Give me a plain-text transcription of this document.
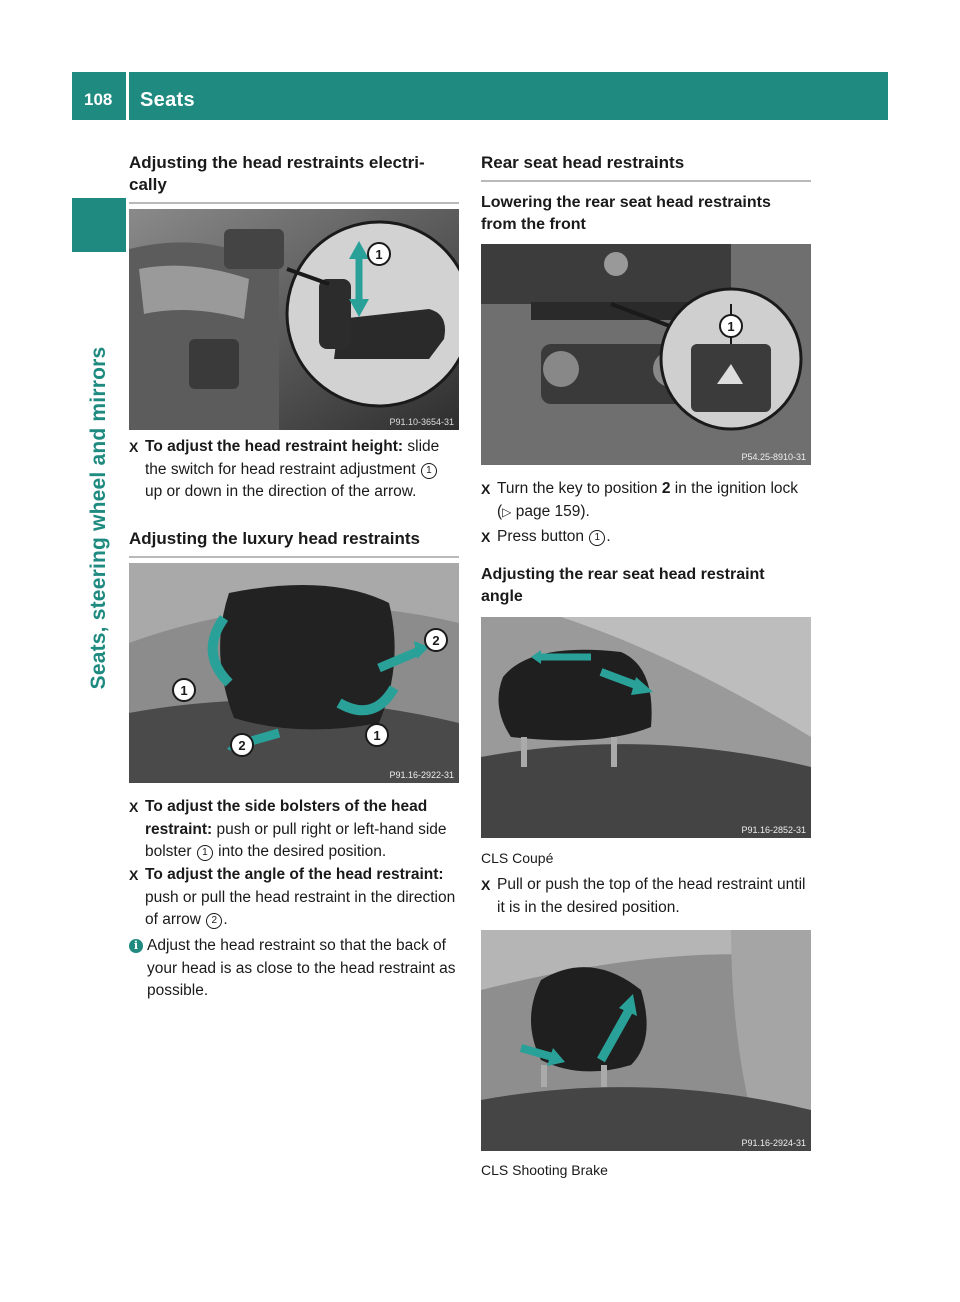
108 Seats
Seats, steering wheel and mirrors
Adjusting the head restraints electri-
cally
1
P91.10-3654-31
X To adjust the head restraint height: slide the switch for head restraint adjustment 1 up or down in the direction of the arrow.
Adjusting the luxury head restraints
1
2
2
1
P91.16-2922-31
X To adjust the side bolsters of the head restraint: push or pull right or left-hand side bolster 1 into the desired position.
X To adjust the angle of the head restraint: push or pull the head restraint in the direction of arrow 2 .
i Adjust the head restraint so that the back of your head is as close to the head restraint as possible.
Rear seat head restraints
Lowering the rear seat head restraints
from the front
1
P54.25-8910-31
X Turn the key to position 2 in the ignition lock (▷ page 159).
X Press button 1 .
Adjusting the rear seat head restraint
angle
P91.16-2852-31
CLS Coupé
X Pull or push the top of the head restraint until it is in the desired position.
P91.16-2924-31
CLS Shooting Brake
